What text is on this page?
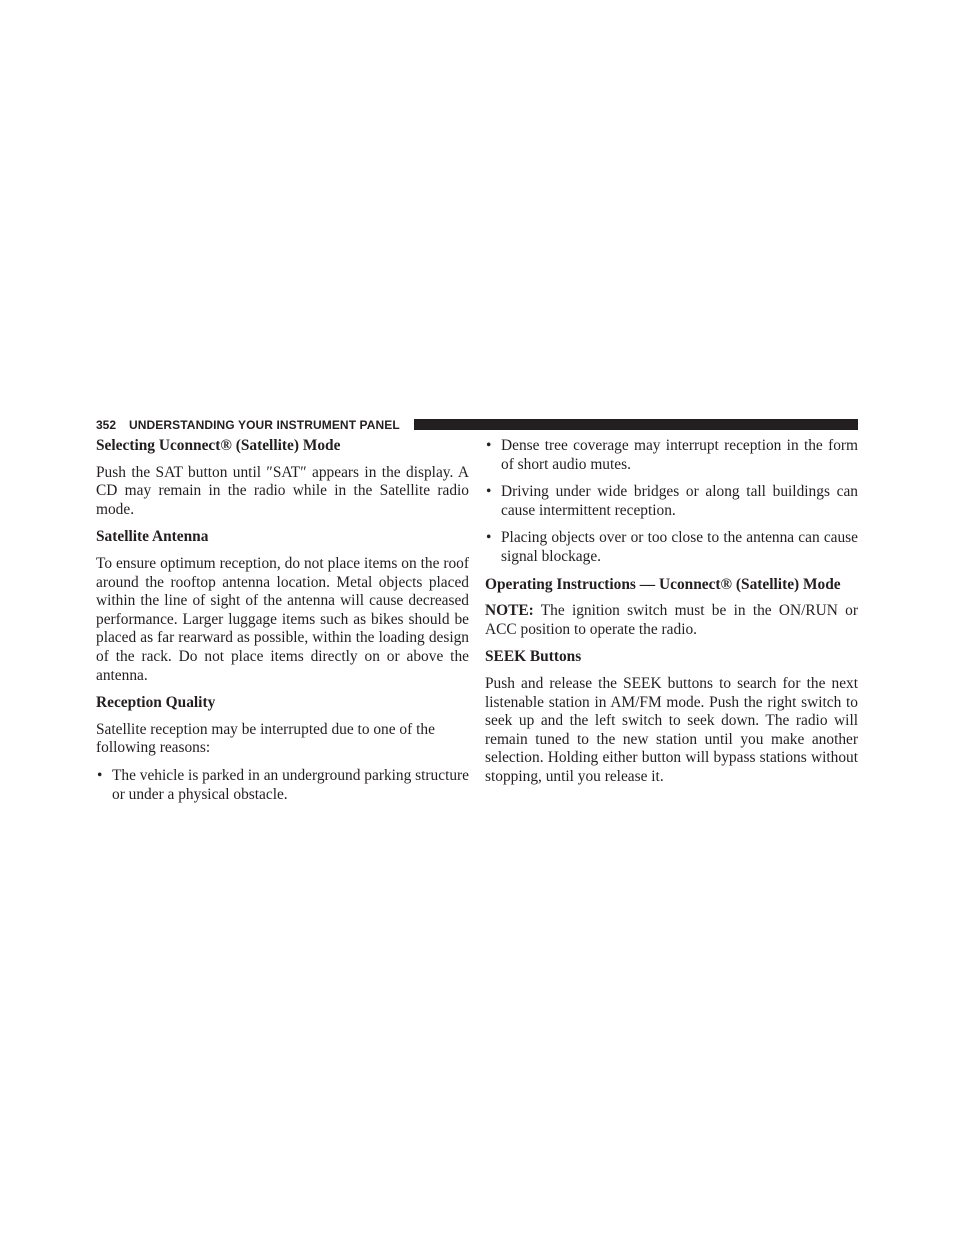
352 UNDERSTANDING YOUR INSTRUMENT PANEL
Selecting Uconnect® (Satellite) Mode

Push the SAT button until ″SAT″ appears in the display. A CD may remain in the radio while in the Satellite radio mode.

Satellite Antenna

To ensure optimum reception, do not place items on the roof around the rooftop antenna location. Metal objects placed within the line of sight of the antenna will cause decreased performance. Larger luggage items such as bikes should be placed as far rearward as possible, within the loading design of the rack. Do not place items directly on or above the antenna.

Reception Quality

Satellite reception may be interrupted due to one of the following reasons:

• The vehicle is parked in an underground parking structure or under a physical obstacle.
• Dense tree coverage may interrupt reception in the form of short audio mutes.
• Driving under wide bridges or along tall buildings can cause intermittent reception.
• Placing objects over or too close to the antenna can cause signal blockage.
Operating Instructions — Uconnect® (Satellite) Mode

NOTE: The ignition switch must be in the ON/RUN or ACC position to operate the radio.

SEEK Buttons

Push and release the SEEK buttons to search for the next listenable station in AM/FM mode. Push the right switch to seek up and the left switch to seek down. The radio will remain tuned to the new station until you make another selection. Holding either button will bypass stations without stopping, until you release it.
